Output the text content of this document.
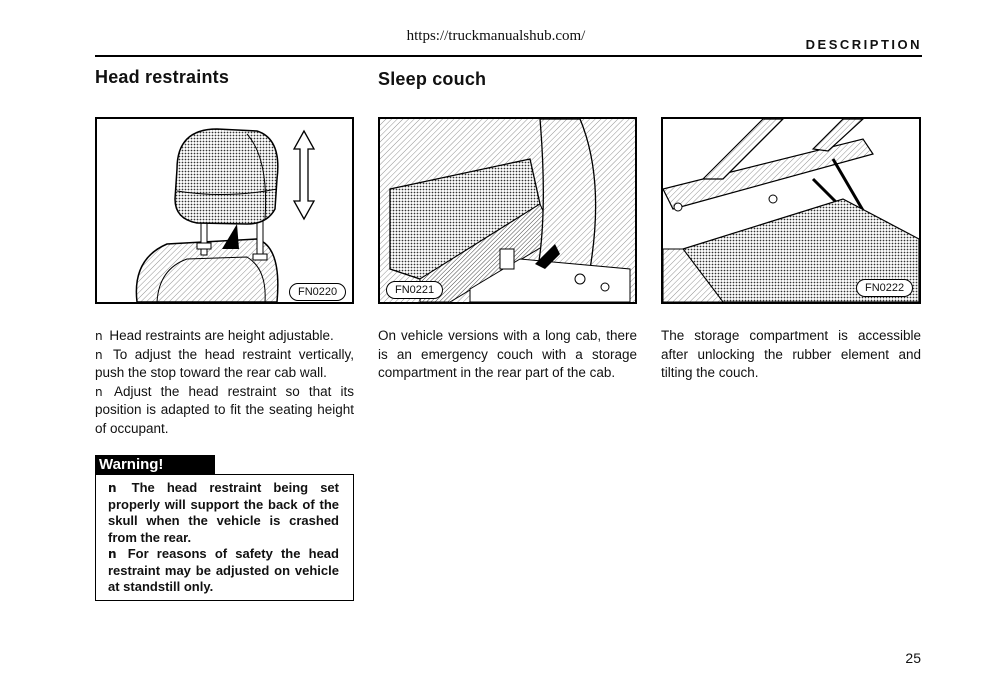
https://truckmanualshub.com/
DESCRIPTION
Head restraints	Sleep couch
FN0220	FN0221	FN0222

n Head restraints are height adjustable.

n To adjust the head restraint vertically, push the stop toward the rear cab wall.

n Adjust the head restraint so that its position is adapted to fit the seating height of occupant.

Warning!

n The head restraint being set properly will support the back of the skull when the vehicle is crashed from the rear.

n For reasons of safety the head restraint may be adjusted on vehicle at standstill only.

On vehicle versions with a long cab, there is an emergency couch with a storage compartment in the rear part of the cab.

The storage compartment is accessible after unlocking the rubber element and tilting the couch.

25
